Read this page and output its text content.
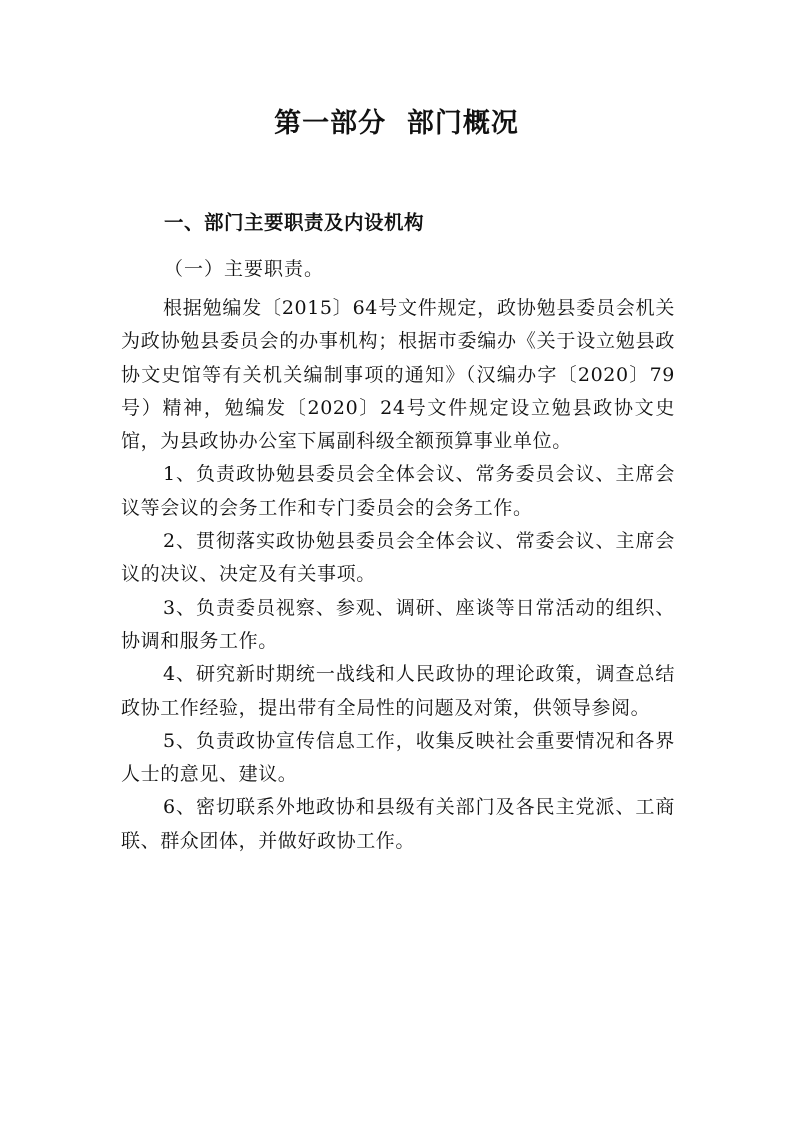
第一部分  部门概况
一、部门主要职责及内设机构
（一）主要职责。

根据勉编发〔2015〕64号文件规定，政协勉县委员会机关为政协勉县委员会的办事机构；根据市委编办《关于设立勉县政协文史馆等有关机关编制事项的通知》（汉编办字〔2020〕79号）精神，勉编发〔2020〕24号文件规定设立勉县政协文史馆，为县政协办公室下属副科级全额预算事业单位。

1、负责政协勉县委员会全体会议、常务委员会议、主席会议等会议的会务工作和专门委员会的会务工作。

2、贯彻落实政协勉县委员会全体会议、常委会议、主席会议的决议、决定及有关事项。

3、负责委员视察、参观、调研、座谈等日常活动的组织、协调和服务工作。

4、研究新时期统一战线和人民政协的理论政策，调查总结政协工作经验，提出带有全局性的问题及对策，供领导参阅。

5、负责政协宣传信息工作，收集反映社会重要情况和各界人士的意见、建议。

6、密切联系外地政协和县级有关部门及各民主党派、工商联、群众团体，并做好政协工作。
